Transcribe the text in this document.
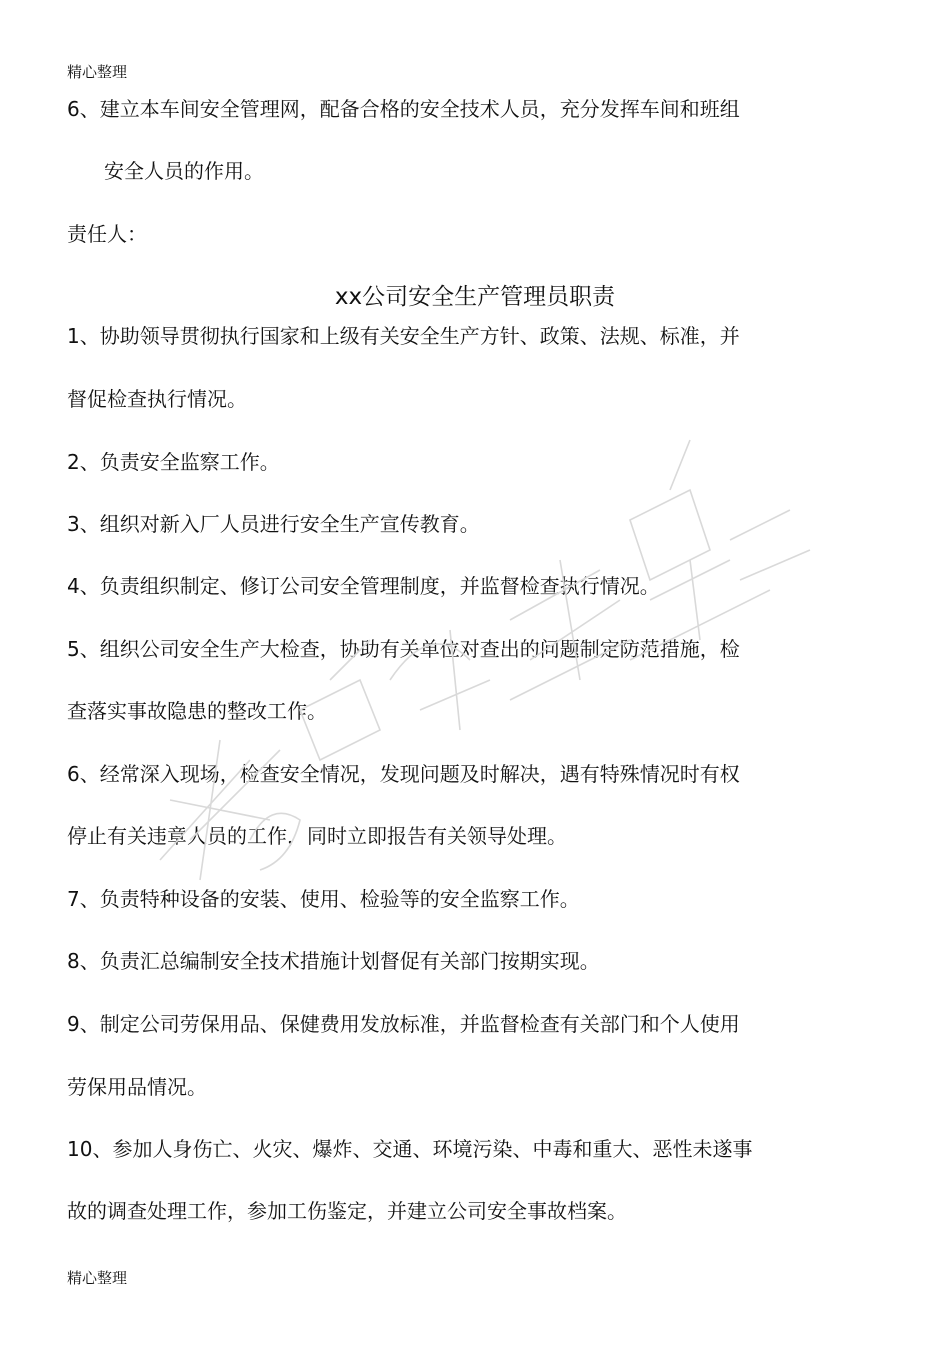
精心整理
6、建立本车间安全管理网，配备合格的安全技术人员，充分发挥车间和班组
安全人员的作用。
责任人：
xx公司安全生产管理员职责
1、协助领导贯彻执行国家和上级有关安全生产方针、政策、法规、标准，并
督促检查执行情况。
2、负责安全监察工作。
3、组织对新入厂人员进行安全生产宣传教育。
4、负责组织制定、修订公司安全管理制度，并监督检查执行情况。
5、组织公司安全生产大检查，协助有关单位对查出的问题制定防范措施，检
查落实事故隐患的整改工作。
6、经常深入现场，检查安全情况，发现问题及时解决，遇有特殊情况时有权
停止有关违章人员的工作，同时立即报告有关领导处理。
7、负责特种设备的安装、使用、检验等的安全监察工作。
8、负责汇总编制安全技术措施计划督促有关部门按期实现。
9、制定公司劳保用品、保健费用发放标准，并监督检查有关部门和个人使用
劳保用品情况。
10、参加人身伤亡、火灾、爆炸、交通、环境污染、中毒和重大、恶性未遂事
故的调查处理工作，参加工伤鉴定，并建立公司安全事故档案。
精心整理
